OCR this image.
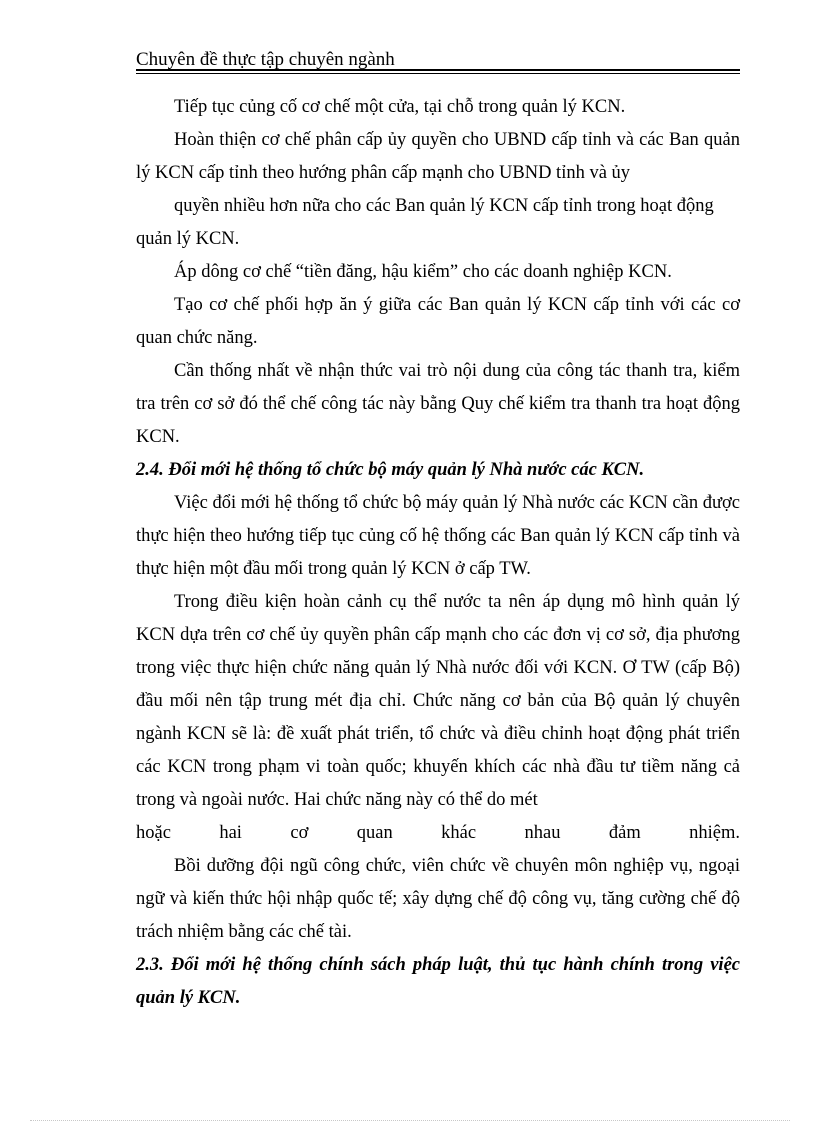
Chuyên đề thực tập chuyên ngành

Tiếp tục củng cố cơ chế một cửa, tại chỗ trong quản lý KCN.

Hoàn thiện cơ chế phân cấp ủy quyền cho UBND cấp tỉnh và các Ban quản lý KCN cấp tỉnh theo hướng phân cấp mạnh cho UBND tỉnh và ủy

quyền nhiều hơn nữa cho các Ban quản lý KCN cấp tỉnh trong hoạt động

quản lý KCN.

Áp dông cơ chế “tiền đăng, hậu kiểm” cho các doanh nghiệp KCN.

Tạo cơ chế phối hợp ăn ý giữa các Ban quản lý KCN cấp tỉnh với các cơ quan chức năng.

Cần thống nhất về nhận thức vai trò nội dung của công tác thanh tra, kiểm tra trên cơ sở đó thể chế công tác này bằng Quy chế kiểm tra thanh tra hoạt động KCN.

2.4. Đổi mới hệ thống tổ chức bộ máy quản lý Nhà nước các KCN.

Việc đổi mới hệ thống tổ chức bộ máy quản lý Nhà nước các KCN cần được thực hiện theo hướng tiếp tục củng cố hệ thống các Ban quản lý KCN cấp tỉnh và thực hiện một đầu mối trong quản lý KCN ở cấp TW.

Trong điều kiện hoàn cảnh cụ thể nước ta nên áp dụng mô hình quản lý KCN dựa trên cơ chế ủy quyền phân cấp mạnh cho các đơn vị cơ sở, địa phương trong việc thực hiện chức năng quản lý Nhà nước đối với KCN. Ơ TW (cấp Bộ) đầu mối nên tập trung mét địa chỉ. Chức năng cơ bản của Bộ quản lý chuyên ngành KCN sẽ là: đề xuất phát triển, tổ chức và điều chỉnh hoạt động phát triển các KCN trong phạm vi toàn quốc; khuyến khích các nhà đầu tư tiềm năng cả trong và ngoài nước. Hai chức năng này có thể do mét

hoặc hai cơ quan khác nhau đảm nhiệm.

Bồi dưỡng đội ngũ công chức, viên chức về chuyên môn nghiệp vụ, ngoại ngữ và kiến thức hội nhập quốc tế; xây dựng chế độ công vụ, tăng cường chế độ trách nhiệm bằng các chế tài.

2.3. Đổi mới hệ thống chính sách pháp luật, thủ tục hành chính trong việc quản lý KCN.
